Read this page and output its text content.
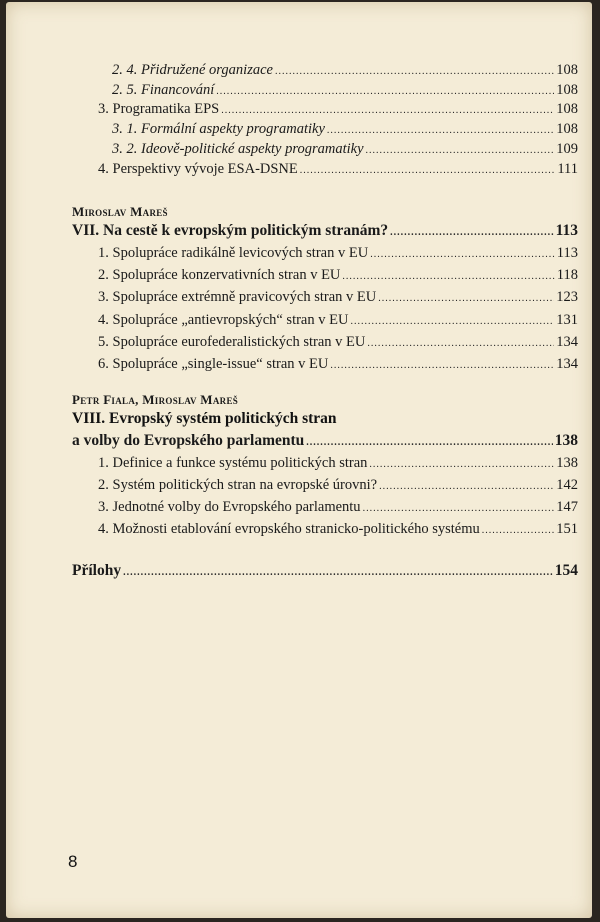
2. 4. Přidružené organizace .....	108
2. 5. Financování .....	108
3. Programatika EPS .....	108
3. 1. Formální aspekty programatiky .....	108
3. 2. Ideově-politické aspekty programatiky .....	109
4. Perspektivy vývoje ESA-DSNE .....	111
Miroslav Mareš
VII. Na cestě k evropským politickým stranám? .....	113
1. Spolupráce radikálně levicových stran v EU .....	113
2. Spolupráce konzervativních stran v EU .....	118
3. Spolupráce extrémně pravicových stran v EU .....	123
4. Spolupráce „antievropských“ stran v EU .....	131
5. Spolupráce eurofederalistických stran v EU .....	134
6. Spolupráce „single-issue“ stran v EU .....	134
Petr Fiala, Miroslav Mareš
VIII. Evropský systém politických stran
a volby do Evropského parlamentu .....	138
1. Definice a funkce systému politických stran .....	138
2. Systém politických stran na evropské úrovni? .....	142
3. Jednotné volby do Evropského parlamentu .....	147
4. Možnosti etablování evropského stranicko-politického systému .....	151
Přílohy .....	154
8
